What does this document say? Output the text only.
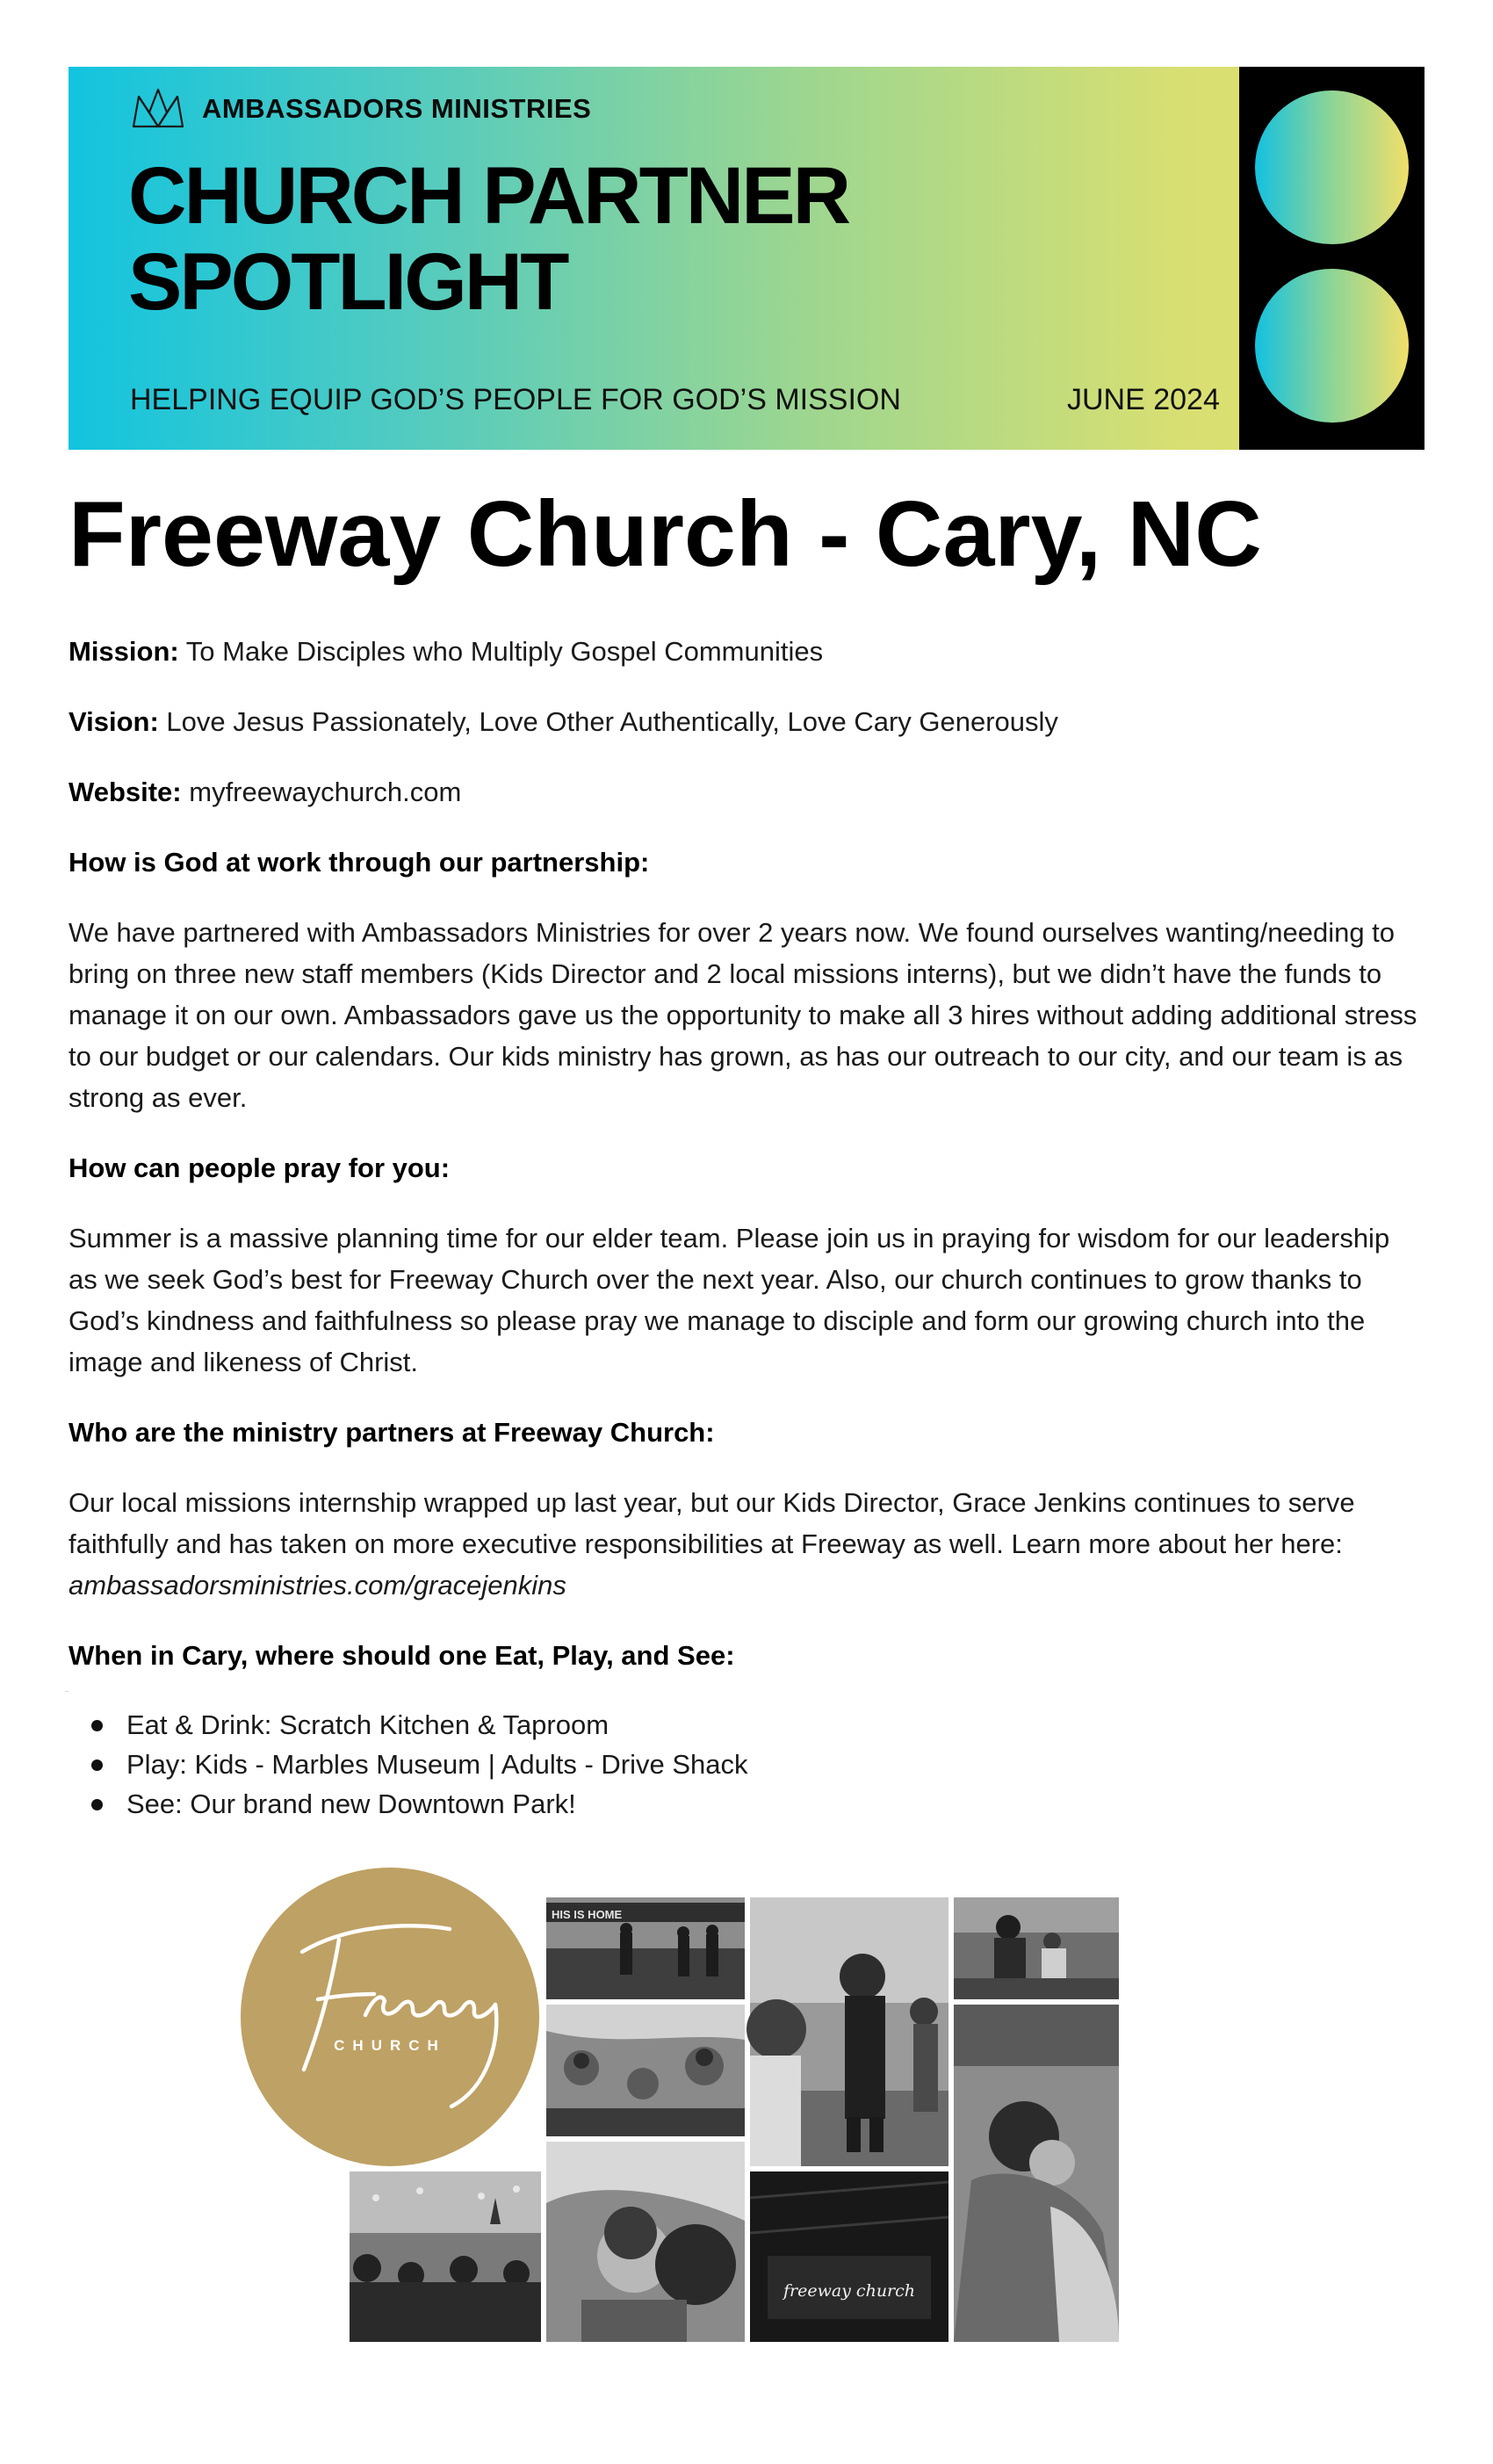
AMBASSADORS MINISTRIES
CHURCH PARTNER
SPOTLIGHT
HELPING EQUIP GOD’S PEOPLE FOR GOD’S MISSION	JUNE 2024
Freeway Church - Cary, NC

Mission: To Make Disciples who Multiply Gospel Communities

Vision: Love Jesus Passionately, Love Other Authentically, Love Cary Generously

Website: myfreewaychurch.com

How is God at work through our partnership:

We have partnered with Ambassadors Ministries for over 2 years now. We found ourselves wanting/needing to bring on three new staff members (Kids Director and 2 local missions interns), but we didn’t have the funds to manage it on our own. Ambassadors gave us the opportunity to make all 3 hires without adding additional stress to our budget or our calendars. Our kids ministry has grown, as has our outreach to our city, and our team is as strong as ever.

How can people pray for you:

Summer is a massive planning time for our elder team. Please join us in praying for wisdom for our leadership as we seek God’s best for Freeway Church over the next year. Also, our church continues to grow thanks to God’s kindness and faithfulness so please pray we manage to disciple and form our growing church into the image and likeness of Christ.

Who are the ministry partners at Freeway Church:

Our local missions internship wrapped up last year, but our Kids Director, Grace Jenkins continues to serve faithfully and has taken on more executive responsibilities at Freeway as well. Learn more about her here:
ambassadorsministries.com/gracejenkins

When in Cary, where should one Eat, Play, and See:
Eat & Drink: Scratch Kitchen & Taproom
Play: Kids - Marbles Museum | Adults - Drive Shack
See: Our brand new Downtown Park!
Freeway
CHURCH
HIS IS HOME
freeway church
